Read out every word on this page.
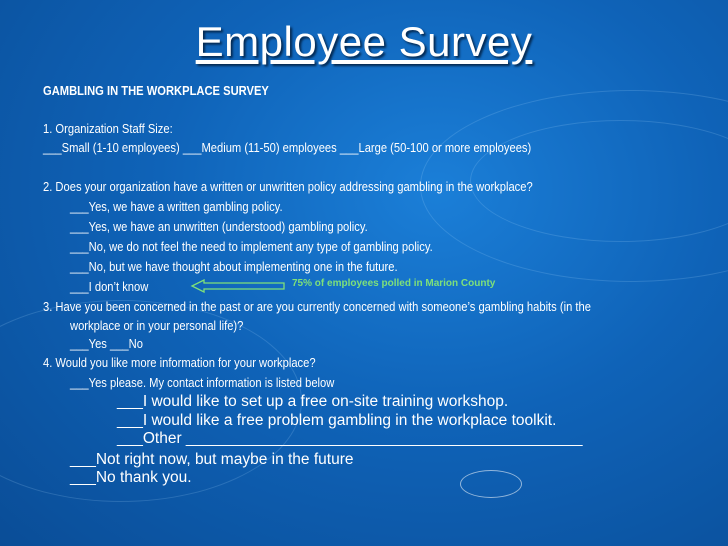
Employee Survey
GAMBLING IN THE WORKPLACE SURVEY
1. Organization Staff Size:
___Small (1-10 employees) ___Medium (11-50) employees ___Large (50-100 or more employees)
2. Does your organization have a written or unwritten policy addressing gambling in the workplace?
___Yes, we have a written gambling policy.
___Yes, we have an unwritten (understood) gambling policy.
___No, we do not feel the need to implement any type of gambling policy.
___No, but we have thought about implementing one in the future.
___I don’t know	75% of employees polled in Marion County
3. Have you been concerned in the past or are you currently concerned with someone’s gambling habits (in the
workplace or in your personal life)?
___Yes ___No
4. Would you like more information for your workplace?
___Yes please. My contact information is listed below
___I would like to set up a free on-site training workshop.
___I would like a free problem gambling in the workplace toolkit.
___Other ______________________________________________
___Not right now, but maybe in the future
___No thank you.
